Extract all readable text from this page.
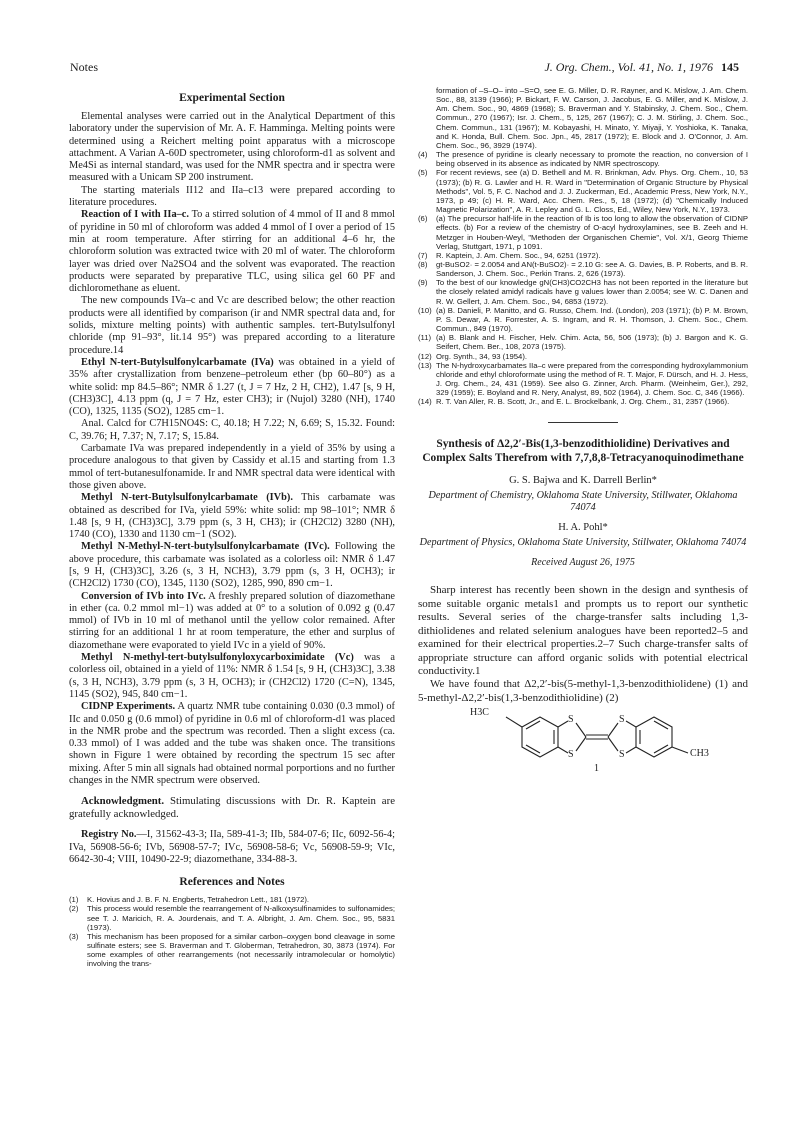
Notes	J. Org. Chem., Vol. 41, No. 1, 1976 145
Experimental Section

Elemental analyses were carried out in the Analytical Department of this laboratory under the supervision of Mr. A. F. Hamminga. Melting points were determined using a Reichert melting point apparatus with a microscope attachment. A Varian A-60D spectrometer, using chloroform-d1 as solvent and Me4Si as internal standard, was used for the NMR spectra and ir spectra were measured with a Unicam SP 200 instrument.

The starting materials II12 and IIa–c13 were prepared according to literature procedures.

Reaction of I with IIa–c. To a stirred solution of 4 mmol of II and 8 mmol of pyridine in 50 ml of chloroform was added 4 mmol of I over a period of 15 min at room temperature. After stirring for an additional 4–6 hr, the chloroform solution was extracted twice with 20 ml of water. The chloroform layer was dried over Na2SO4 and the solvent was evaporated. The reaction products were separated by preparative TLC, using silica gel 60 PF and dichloromethane as eluent.

The new compounds IVa–c and Vc are described below; the other reaction products were all identified by comparison (ir and NMR spectral data and, for solids, mixture melting points) with authentic samples. tert-Butylsulfonyl chloride (mp 91–93°, lit.14 95°) was prepared according to a literature procedure.14

Ethyl N-tert-Butylsulfonylcarbamate (IVa) was obtained in a yield of 35% after crystallization from benzene–petroleum ether (bp 60–80°) as a white solid: mp 84.5–86°; NMR δ 1.27 (t, J = 7 Hz, 2 H, CH2), 1.47 [s, 9 H, (CH3)3C], 4.13 ppm (q, J = 7 Hz, ester CH3); ir (Nujol) 3280 (NH), 1740 (CO), 1325, 1135 (SO2), 1285 cm−1.

Anal. Calcd for C7H15NO4S: C, 40.18; H 7.22; N, 6.69; S, 15.32. Found: C, 39.76; H, 7.37; N, 7.17; S, 15.84.

Carbamate IVa was prepared independently in a yield of 35% by using a procedure analogous to that given by Cassidy et al.15 and starting from 1.3 mmol of tert-butanesulfonamide. Ir and NMR spectral data were identical with those given above.

Methyl N-tert-Butylsulfonylcarbamate (IVb). This carbamate was obtained as described for IVa, yield 59%: white solid: mp 98–101°; NMR δ 1.48 [s, 9 H, (CH3)3C], 3.79 ppm (s, 3 H, CH3); ir (CH2Cl2) 3280 (NH), 1740 (CO), 1330 and 1130 cm−1 (SO2).

Methyl N-Methyl-N-tert-butylsulfonylcarbamate (IVc). Following the above procedure, this carbamate was isolated as a colorless oil: NMR δ 1.47 [s, 9 H, (CH3)3C], 3.26 (s, 3 H, NCH3), 3.79 ppm (s, 3 H, OCH3); ir (CH2Cl2) 1730 (CO), 1345, 1130 (SO2), 1285, 990, 890 cm−1.

Conversion of IVb into IVc. A freshly prepared solution of diazomethane in ether (ca. 0.2 mmol ml−1) was added at 0° to a solution of 0.092 g (0.47 mmol) of IVb in 10 ml of methanol until the yellow color remained. After stirring for an additional 1 hr at room temperature, the ether and surplus of diazomethane were evaporated to yield IVc in a yield of 90%.

Methyl N-methyl-tert-butylsulfonyloxycarboximidate (Vc) was a colorless oil, obtained in a yield of 11%: NMR δ 1.54 [s, 9 H, (CH3)3C], 3.38 (s, 3 H, NCH3), 3.79 ppm (s, 3 H, OCH3); ir (CH2Cl2) 1720 (C=N), 1345, 1145 (SO2), 945, 840 cm−1.

CIDNP Experiments. A quartz NMR tube containing 0.030 (0.3 mmol) of IIc and 0.050 g (0.6 mmol) of pyridine in 0.6 ml of chloroform-d1 was placed in the NMR probe and the spectrum was recorded. Then a slight excess (ca. 0.33 mmol) of I was added and the tube was shaken once. The transitions shown in Figure 1 were obtained by recording the spectrum 15 sec after mixing. After 5 min all signals had obtained normal porportions and no further changes in the NMR spectrum were observed.

Acknowledgment. Stimulating discussions with Dr. R. Kaptein are gratefully acknowledged.

Registry No.—I, 31562-43-3; IIa, 589-41-3; IIb, 584-07-6; IIc, 6092-56-4; IVa, 56908-56-6; IVb, 56908-57-7; IVc, 56908-58-6; Vc, 56908-59-9; VIc, 6642-30-4; VIII, 10490-22-9; diazomethane, 334-88-3.

References and Notes
(1)	K. Hovius and J. B. F. N. Engberts, Tetrahedron Lett., 181 (1972).
(2)	This process would resemble the rearrangement of N-alkoxysulfinamides to sulfonamides; see T. J. Maricich, R. A. Jourdenais, and T. A. Albright, J. Am. Chem. Soc., 95, 5831 (1973).
(3)	This mechanism has been proposed for a similar carbon–oxygen bond cleavage in some sulfinate esters; see S. Braverman and T. Globerman, Tetrahedron, 30, 3873 (1974). For some examples of other rearrangements (not necessarily intramolecular or homolytic) involving the trans-
formation of –S–O– into –S=O, see E. G. Miller, D. R. Rayner, and K. Mislow, J. Am. Chem. Soc., 88, 3139 (1966); P. Bickart, F. W. Carson, J. Jacobus, E. G. Miller, and K. Mislow, J. Am. Chem. Soc., 90, 4869 (1968); S. Braverman and Y. Stabinsky, J. Chem. Soc., Chem. Commun., 270 (1967); Isr. J. Chem., 5, 125, 267 (1967); C. J. M. Stirling, J. Chem. Soc., Chem. Commun., 131 (1967); M. Kobayashi, H. Minato, Y. Miyaji, Y. Yoshioka, K. Tanaka, and K. Honda, Bull. Chem. Soc. Jpn., 45, 2817 (1972); E. Block and J. O'Connor, J. Am. Chem. Soc., 96, 3929 (1974).
(4)	The presence of pyridine is clearly necessary to promote the reaction, no conversion of I being observed in its absence as indicated by NMR spectroscopy.
(5)	For recent reviews, see (a) D. Bethell and M. R. Brinkman, Adv. Phys. Org. Chem., 10, 53 (1973); (b) R. G. Lawler and H. R. Ward in "Determination of Organic Structure by Physical Methods", Vol. 5, F. C. Nachod and J. J. Zuckerman, Ed., Academic Press, New York, N.Y., 1973, p 49; (c) H. R. Ward, Acc. Chem. Res., 5, 18 (1972); (d) "Chemically Induced Magnetic Polarization", A. R. Lepley and G. L. Closs, Ed., Wiley, New York, N.Y., 1973.
(6)	(a) The precursor half-life in the reaction of Ib is too long to allow the observation of CIDNP effects. (b) For a review of the chemistry of O-acyl hydroxylamines, see B. Zeeh and H. Metzger in Houben-Weyl, "Methoden der Organischen Chemie", Vol. X/1, Georg Thieme Verlag, Stuttgart, 1971, p 1091.
(7)	R. Kaptein, J. Am. Chem. Soc., 94, 6251 (1972).
(8)	gt-BuSO2· = 2.0054 and AN(t-BuSO2)· = 2.10 G: see A. G. Davies, B. P. Roberts, and B. R. Sanderson, J. Chem. Soc., Perkin Trans. 2, 626 (1973).
(9)	To the best of our knowledge gN(CH3)CO2CH3 has not been reported in the literature but the closely related amidyl radicals have g values lower than 2.0054; see W. C. Danen and R. W. Gellert, J. Am. Chem. Soc., 94, 6853 (1972).
(10) (a) B. Danieli, P. Manitto, and G. Russo, Chem. Ind. (London), 203 (1971); (b) P. M. Brown, P. S. Dewar, A. R. Forrester, A. S. Ingram, and R. H. Thomson, J. Chem. Soc., Chem. Commun., 849 (1970).
(11) (a) B. Blank and H. Fischer, Helv. Chim. Acta, 56, 506 (1973); (b) J. Bargon and K. G. Seifert, Chem. Ber., 108, 2073 (1975).
(12) Org. Synth., 34, 93 (1954).
(13) The N-hydroxycarbamates IIa–c were prepared from the corresponding hydroxylammonium chloride and ethyl chloroformate using the method of R. T. Major, F. Dürsch, and H. J. Hess, J. Org. Chem., 24, 431 (1959). See also G. Zinner, Arch. Pharm. (Weinheim, Ger.), 292, 329 (1959); E. Boyland and R. Nery, Analyst, 89, 502 (1964), J. Chem. Soc. C, 346 (1966).
(14) R. T. Van Aller, R. B. Scott, Jr., and E. L. Brockelbank, J. Org. Chem., 31, 2357 (1966).
Synthesis of Δ2,2′-Bis(1,3-benzodithiolidine) Derivatives and Complex Salts Therefrom with 7,7,8,8-Tetracyanoquinodimethane
G. S. Bajwa and K. Darrell Berlin*
Department of Chemistry, Oklahoma State University, Stillwater, Oklahoma 74074
H. A. Pohl*
Department of Physics, Oklahoma State University, Stillwater, Oklahoma 74074
Received August 26, 1975

Sharp interest has recently been shown in the design and synthesis of some suitable organic metals1 and prompts us to report our synthetic results. Several series of the charge-transfer salts including 1,3-dithiolidenes and related selenium analogues have been reported2–5 and examined for their electrical properties.2–7 Such charge-transfer salts of appropriate structure can afford organic solids with potential electrical conductivity.1

We have found that Δ2,2′-bis(5-methyl-1,3-benzodithiolidene) (1) and 5-methyl-Δ2,2′-bis(1,3-benzodithiolidine) (2)

H3C
S
S
S
S	CH3
1
